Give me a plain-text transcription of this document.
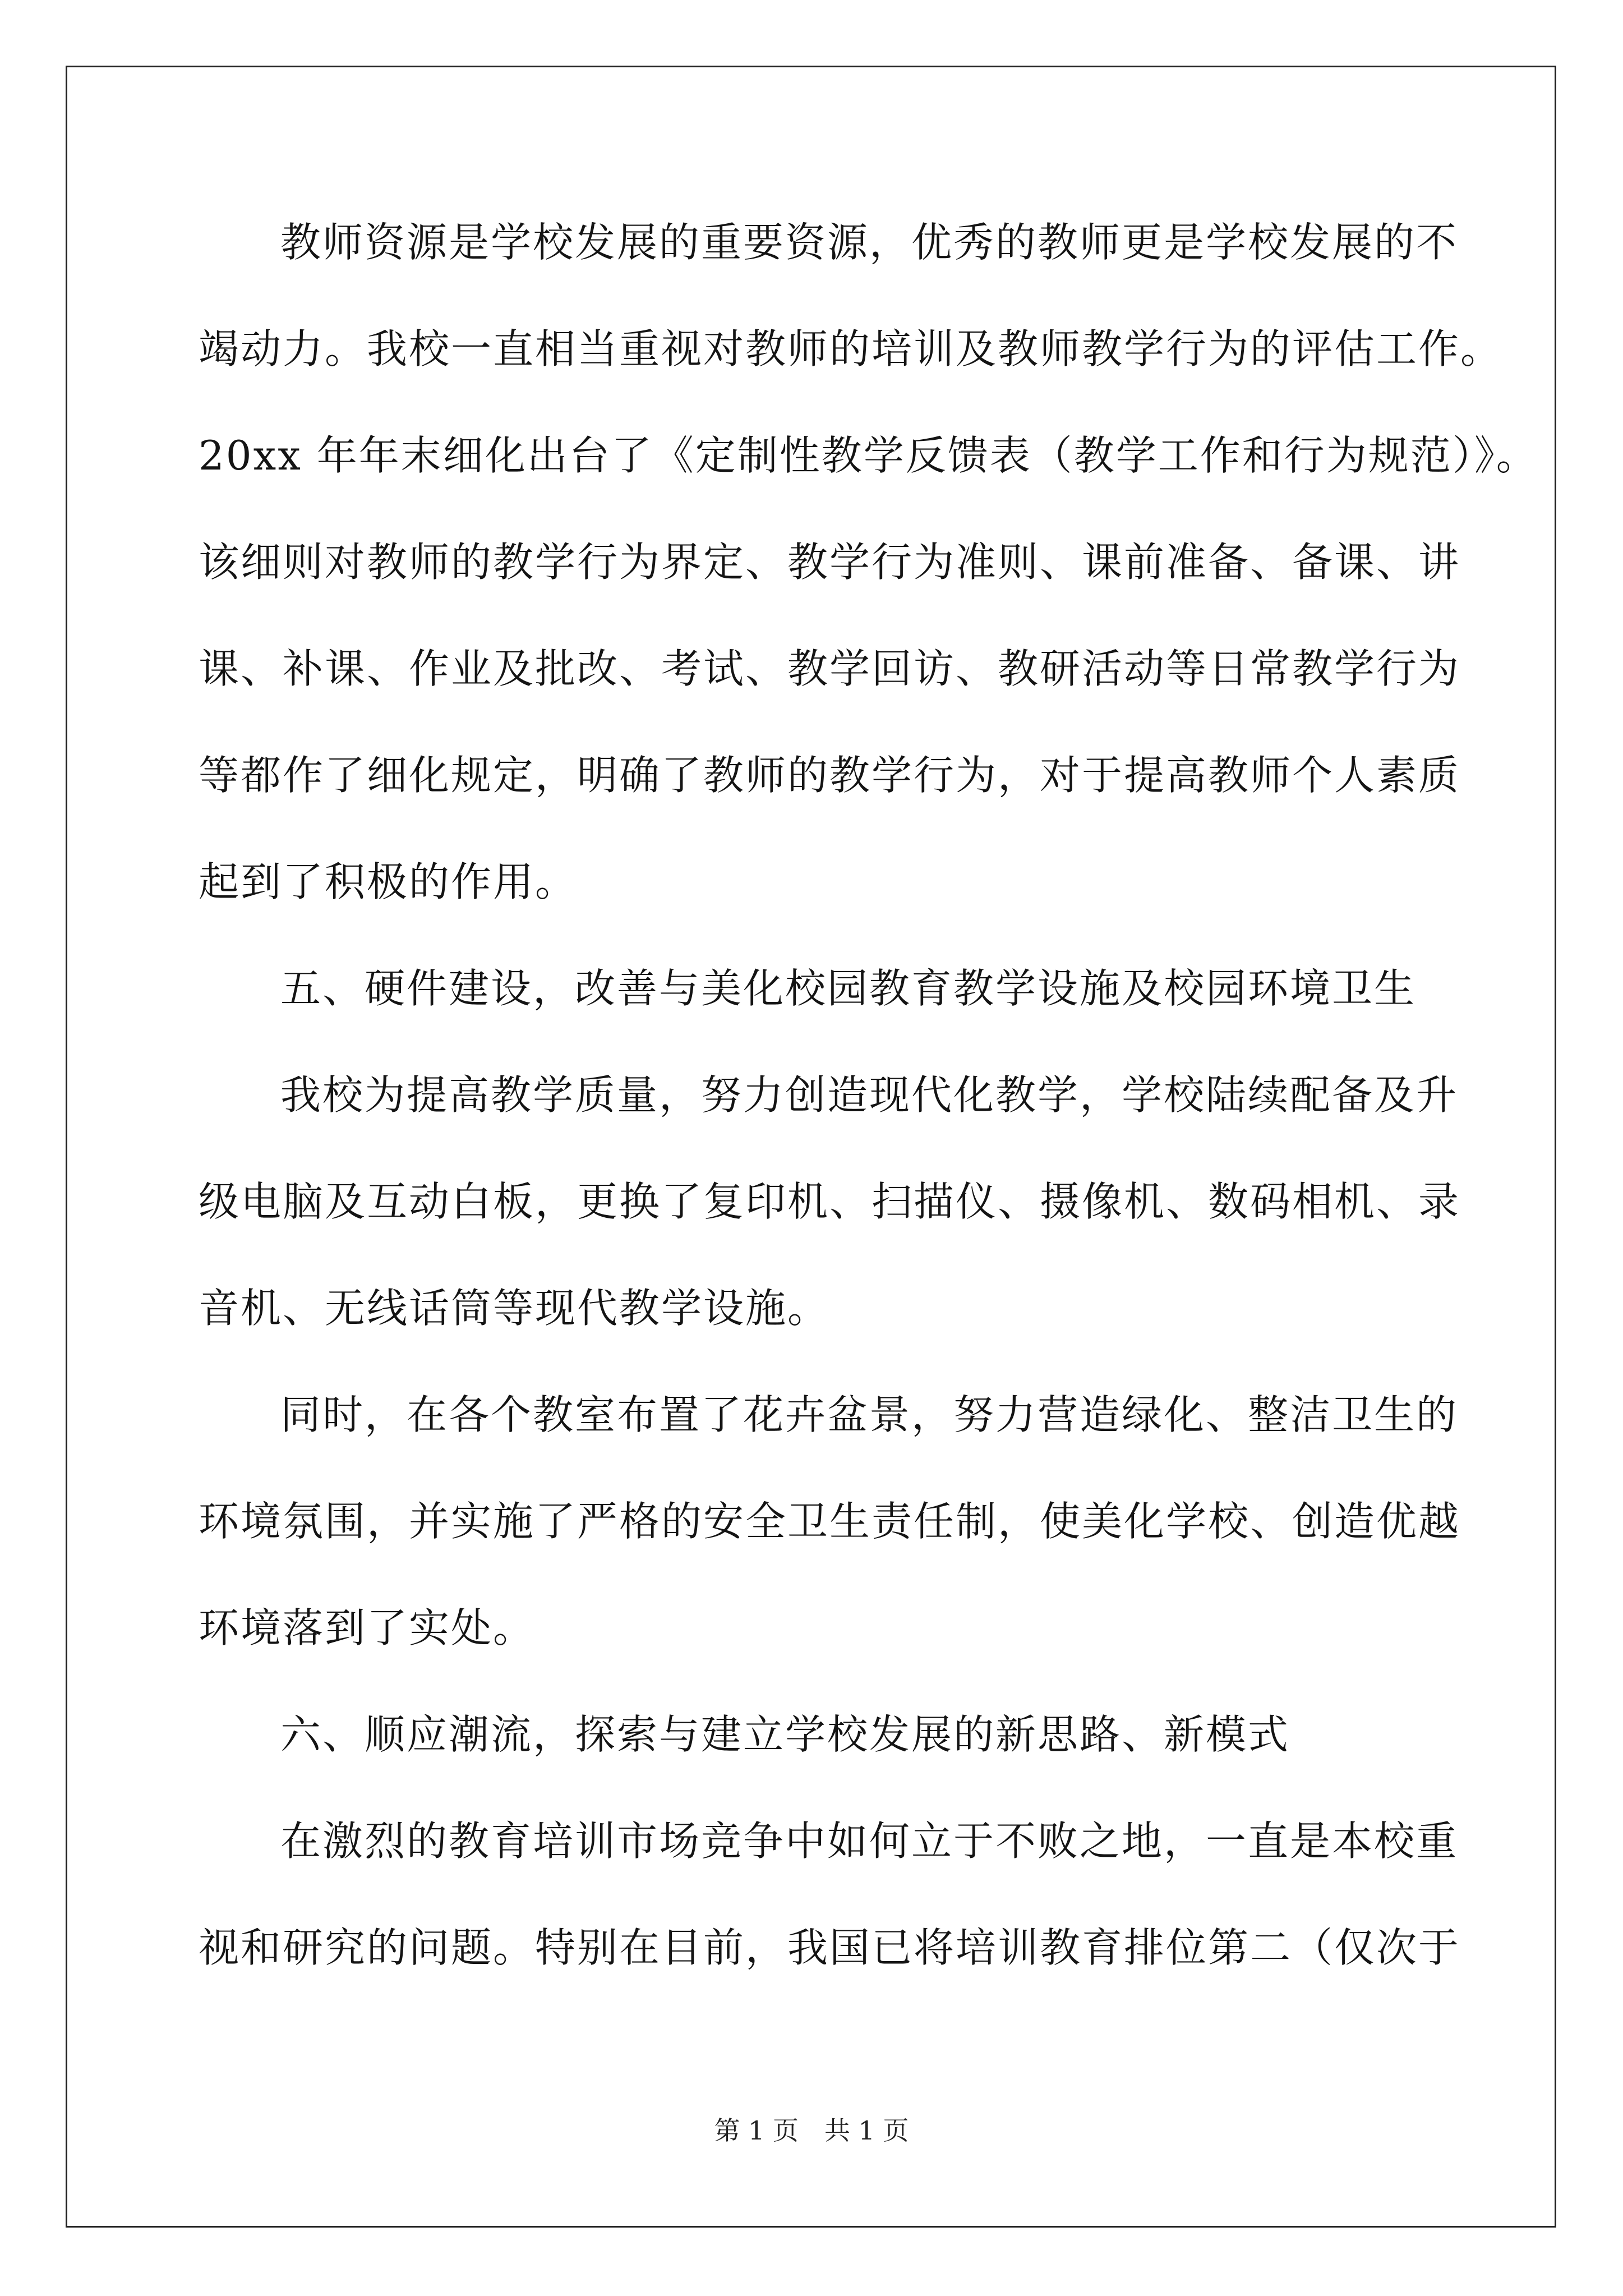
教师资源是学校发展的重要资源，优秀的教师更是学校发展的不
竭动力。我校一直相当重视对教师的培训及教师教学行为的评估工作。
20xx 年年末细化出台了《定制性教学反馈表（教学工作和行为规范）》。
该细则对教师的教学行为界定、教学行为准则、课前准备、备课、讲
课、补课、作业及批改、考试、教学回访、教研活动等日常教学行为
等都作了细化规定，明确了教师的教学行为，对于提高教师个人素质
起到了积极的作用。
五、硬件建设，改善与美化校园教育教学设施及校园环境卫生
我校为提高教学质量，努力创造现代化教学，学校陆续配备及升
级电脑及互动白板，更换了复印机、扫描仪、摄像机、数码相机、录
音机、无线话筒等现代教学设施。
同时，在各个教室布置了花卉盆景，努力营造绿化、整洁卫生的
环境氛围，并实施了严格的安全卫生责任制，使美化学校、创造优越
环境落到了实处。
六、顺应潮流，探索与建立学校发展的新思路、新模式
在激烈的教育培训市场竞争中如何立于不败之地，一直是本校重
视和研究的问题。特别在目前，我国已将培训教育排位第二（仅次于
第 1 页　共 1 页
